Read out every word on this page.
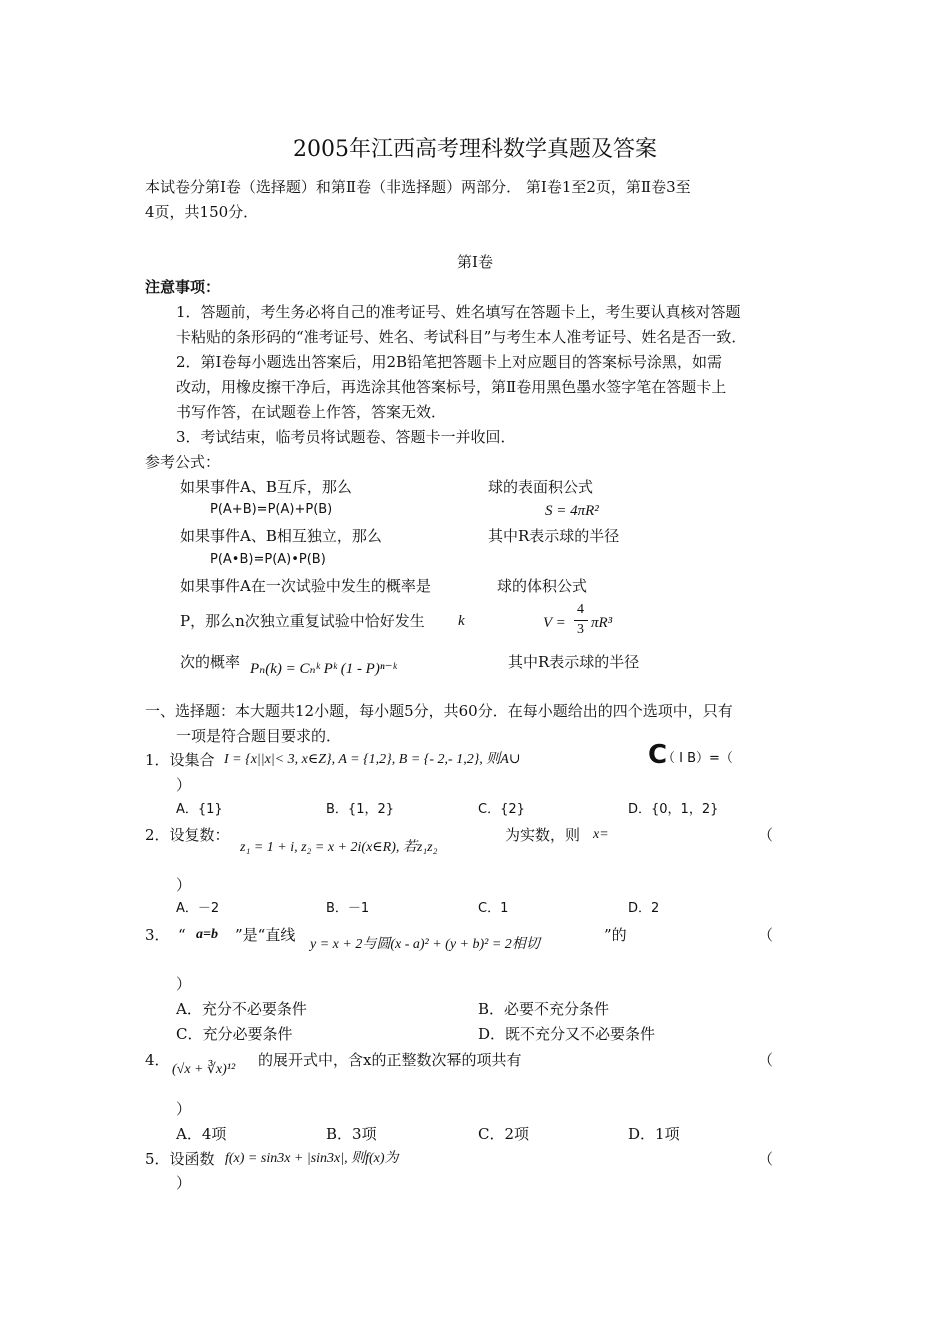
2005年江西高考理科数学真题及答案
本试卷分第Ⅰ卷（选择题）和第Ⅱ卷（非选择题）两部分． 第Ⅰ卷1至2页，第Ⅱ卷3至
4页，共150分．
第Ⅰ卷
注意事项：
1．答题前，考生务必将自己的准考证号、姓名填写在答题卡上，考生要认真核对答题
卡粘贴的条形码的“准考证号、姓名、考试科目”与考生本人准考证号、姓名是否一致．
2．第Ⅰ卷每小题选出答案后，用2B铅笔把答题卡上对应题目的答案标号涂黑，如需
改动，用橡皮擦干净后，再选涂其他答案标号，第Ⅱ卷用黑色墨水签字笔在答题卡上
书写作答，在试题卷上作答，答案无效．
3．考试结束，临考员将试题卷、答题卡一并收回．
参考公式：
如果事件A、B互斥，那么
P(A+B)=P(A)+P(B)
如果事件A、B相互独立，那么
P(A•B)=P(A)•P(B)
如果事件A在一次试验中发生的概率是
P，那么n次独立重复试验中恰好发生 k
次的概率 Pₙ(k) = Cₙᵏ Pᵏ (1 - P)ⁿ⁻ᵏ
球的表面积公式
S = 4πR²
其中R表示球的半径
球的体积公式
V =
4
3 πR³
其中R表示球的半径
一、选择题：本大题共12小题，每小题5分，共60分．在每小题给出的四个选项中，只有
一项是符合题目要求的．
1．设集合 I = {x||x|< 3, x∈Z}, A = {1,2}, B = {- 2,- 1,2}, 则A∪	C
（ I B）=（
）
A．{1}	B．{1，2}	C．{2}	D．{0，1，2}
2．设复数：
z₁ = 1 + i, z₂ = x + 2i(x∈R), 若z₁z₂
为实数，则 x=	（
）
A．－2	B．－1	C．1	D．2
3． “ a=b ”是“直线
y = x + 2与圆(x - a)² + (y + b)² = 2相切
”的	（
）
A．充分不必要条件	B．必要不充分条件
C．充分必要条件	D．既不充分又不必要条件
4．
(√x + ∛x)¹²
的展开式中，含x的正整数次幂的项共有	（
）
A．4项	B．3项	C．2项	D．1项
5．设函数 f(x) = sin3x + |sin3x|, 则f(x)为	（
）
